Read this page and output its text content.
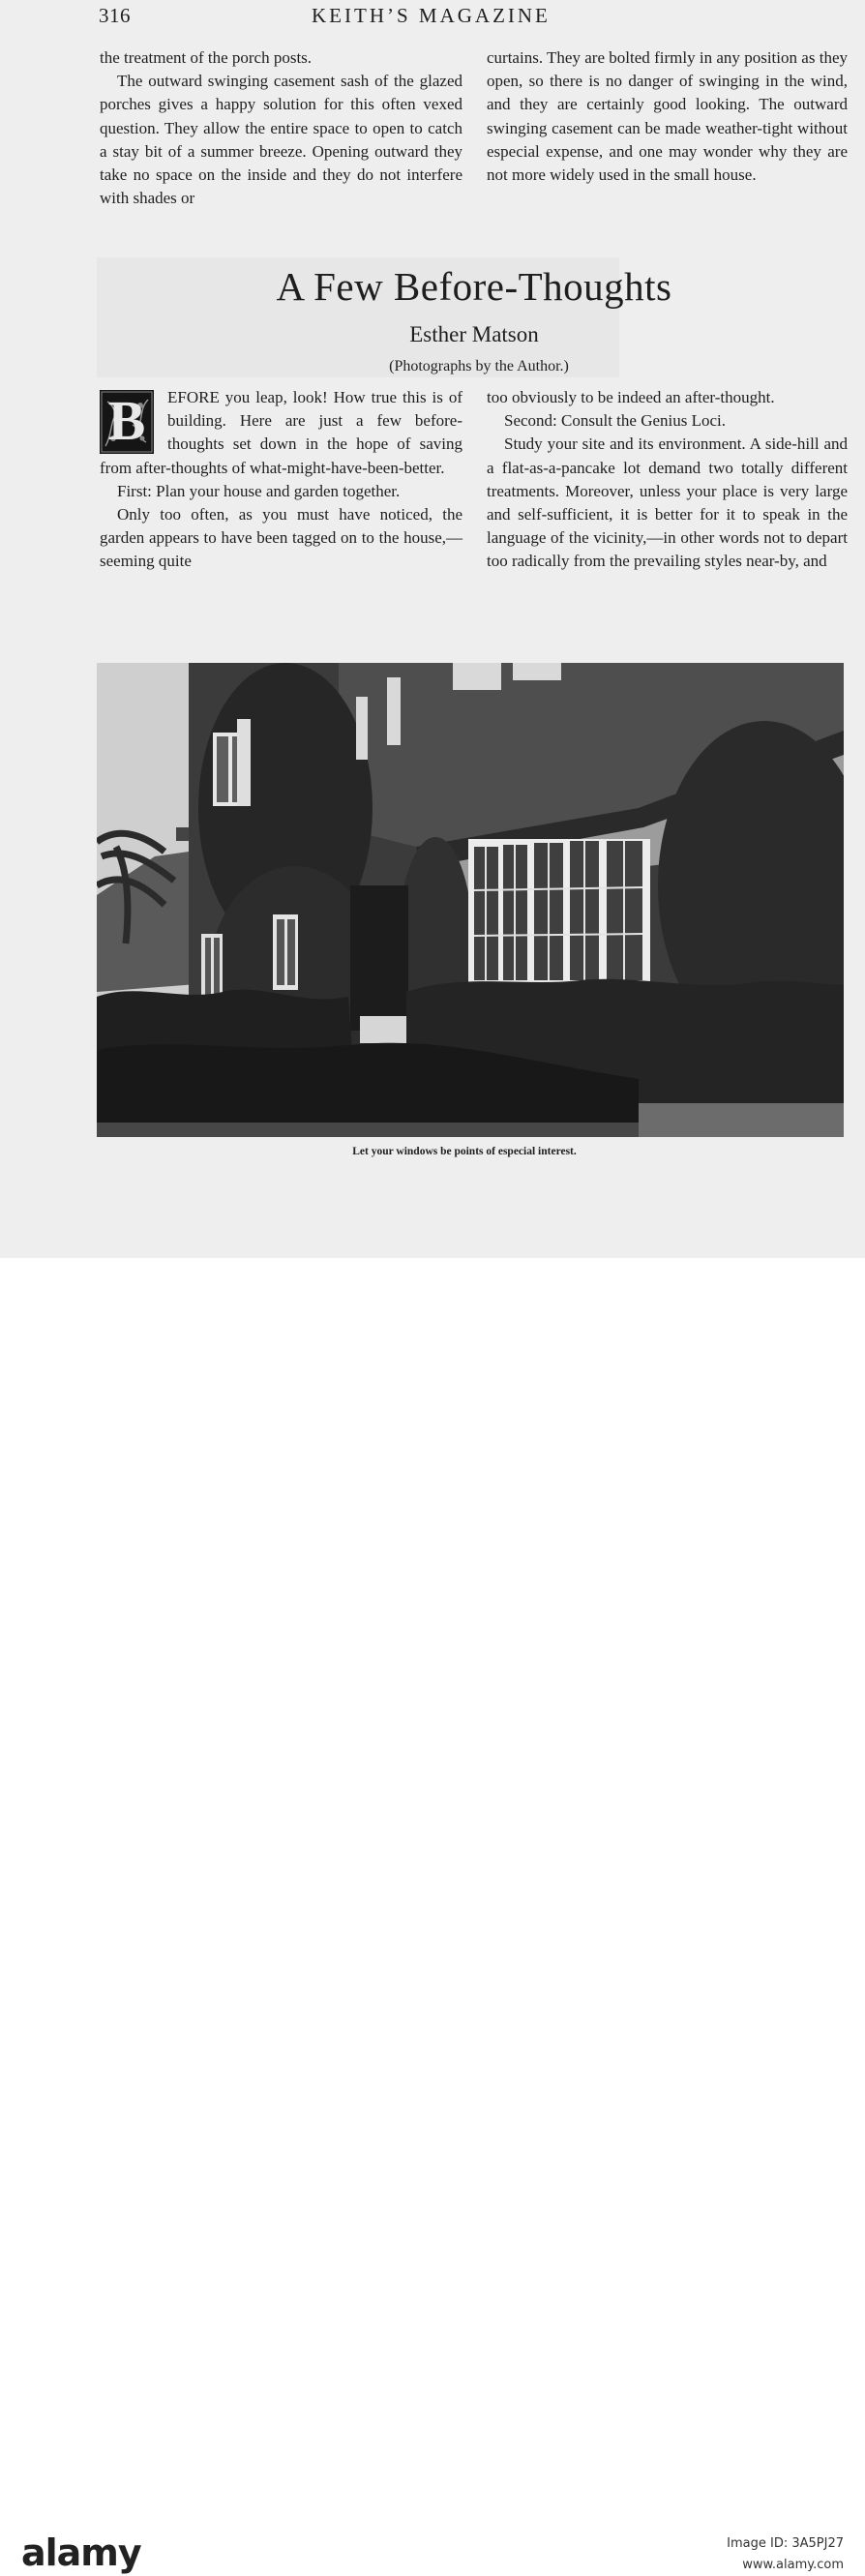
316	KEITH’S MAGAZINE

the treatment of the porch posts.

The outward swinging casement sash of the glazed porches gives a happy solution for this often vexed question. They allow the entire space to open to catch a stay bit of a summer breeze. Opening outward they take no space on the inside and they do not interfere with shades or

curtains. They are bolted firmly in any position as they open, so there is no danger of swinging in the wind, and they are certainly good looking. The outward swinging casement can be made weather-tight without especial expense, and one may wonder why they are not more widely used in the small house.

A Few Before-Thoughts
Esther Matson
(Photographs by the Author.)
B	EFORE you leap, look! How true this is of building. Here are just a few before-thoughts set down in the hope of saving from after-thoughts of what-might-have-been-better.

First: Plan your house and garden together.

Only too often, as you must have noticed, the garden appears to have been tagged on to the house,—seeming quite

too obviously to be indeed an after-thought.

Second: Consult the Genius Loci.

Study your site and its environment. A side-hill and a flat-as-a-pancake lot demand two totally different treatments. Moreover, unless your place is very large and self-sufficient, it is better for it to speak in the language of the vicinity,—in other words not to depart too radically from the prevailing styles near-by, and

Let your windows be points of especial interest.
alamy	Image ID: 3A5PJ27
www.alamy.com
